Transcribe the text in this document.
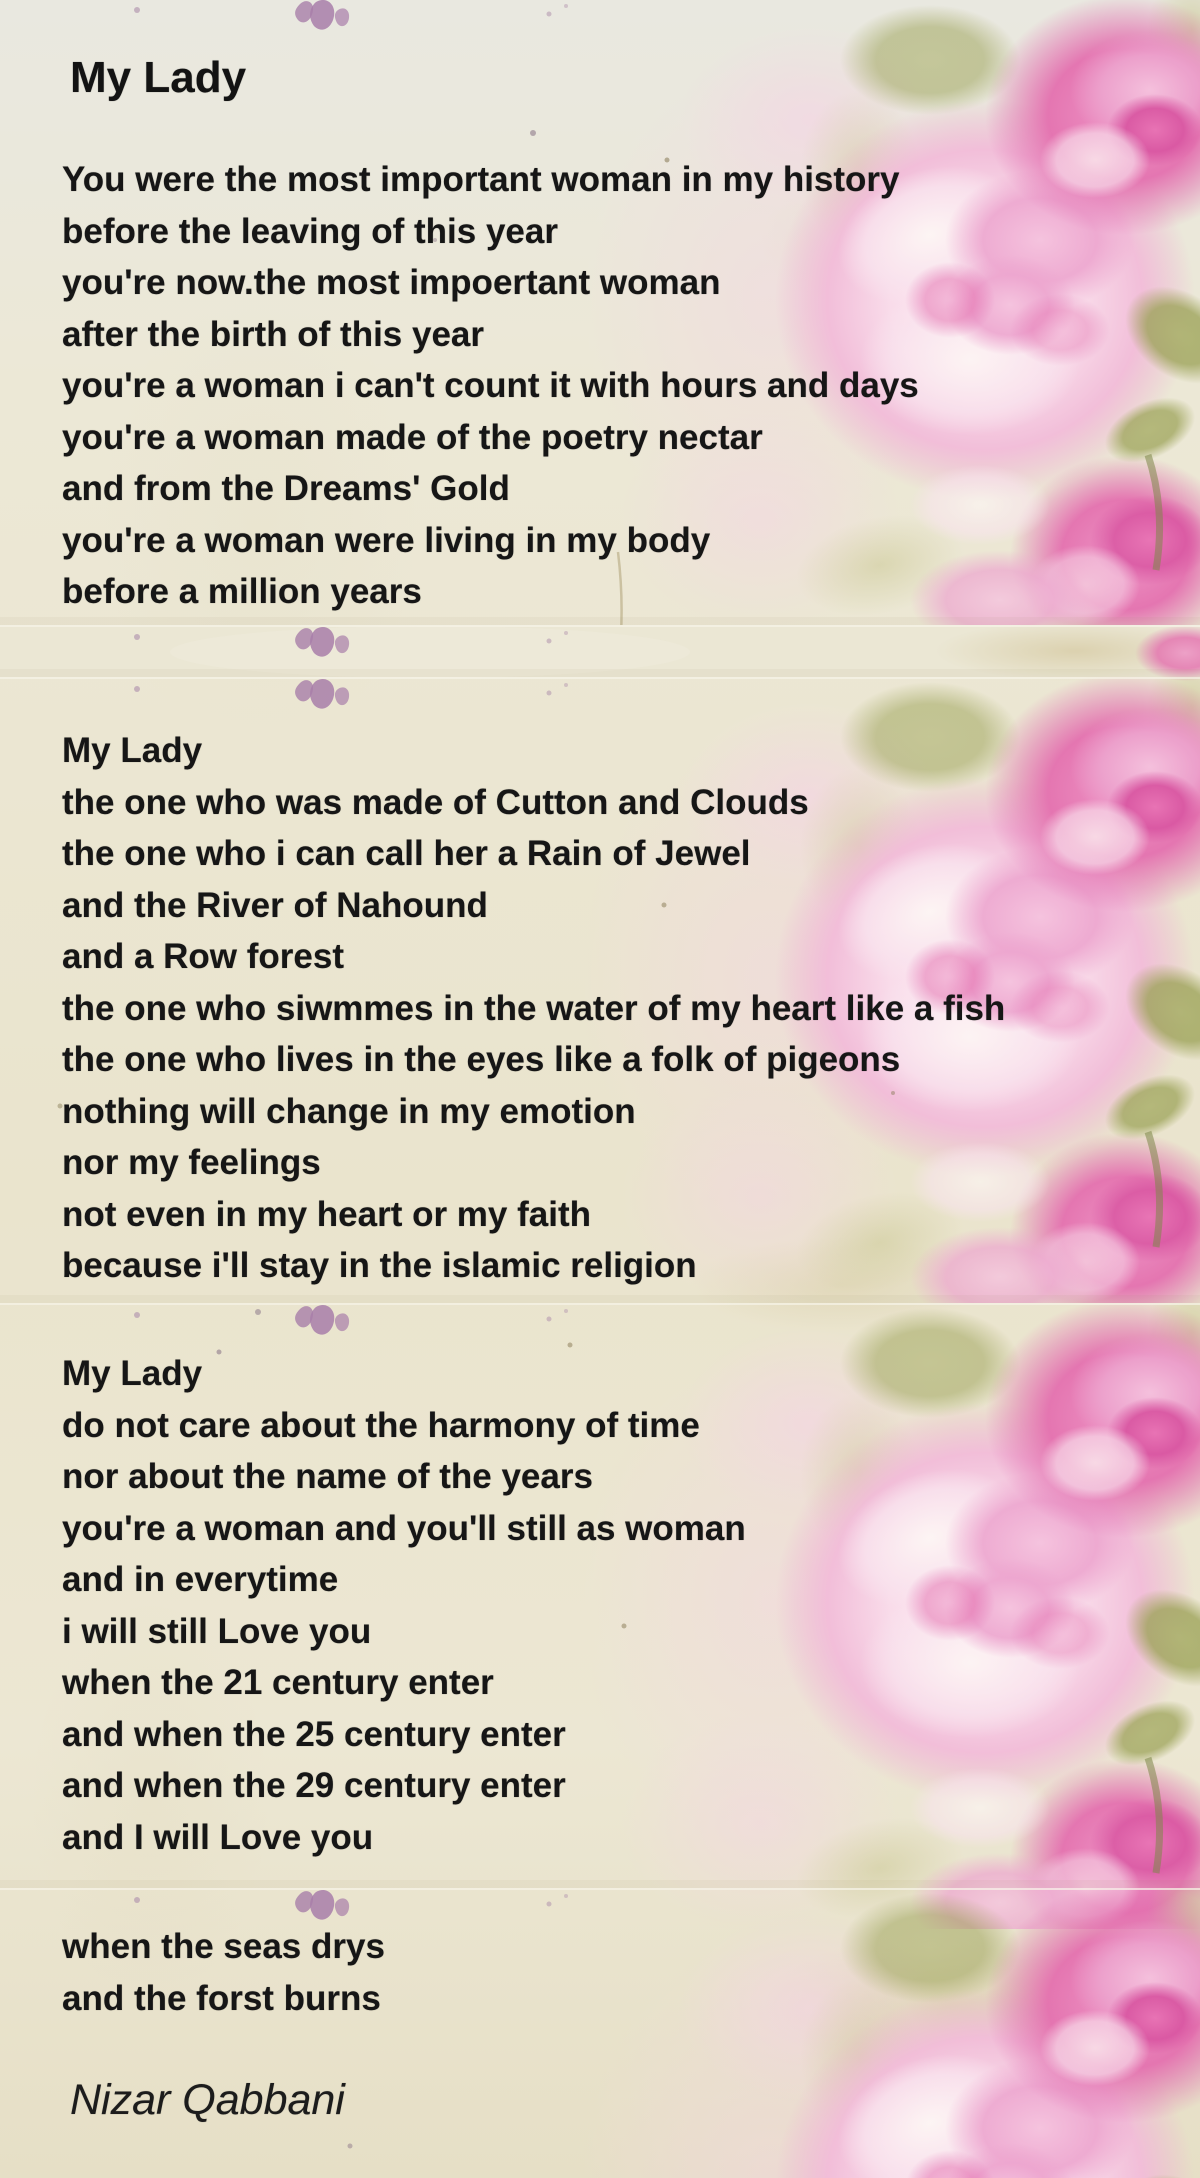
My Lady
You were the most important woman in my history
before the leaving of this year
you're now.the most impoertant woman
after the birth of this year
you're a woman i can't count it with hours and days
you're a woman made of the poetry nectar
and from the Dreams' Gold
you're a woman were living in my body
before a million years
My Lady
the one who was made of Cutton and Clouds
the one who i can call her a Rain of Jewel
and the River of Nahound
and a Row forest
the one who siwmmes in the water of my heart like a fish
the one who lives in the eyes like a folk of pigeons
nothing will change in my emotion
nor my feelings
not even in my heart or my faith
because i'll stay in the islamic religion
My Lady
do not care about the harmony of time
nor about the name of the years
you're a woman and you'll still as woman
and in everytime
i will still Love you
when the 21 century enter
and when the 25 century enter
and when the 29 century enter
and I will Love you
when the seas drys
and the forst burns
Nizar Qabbani
